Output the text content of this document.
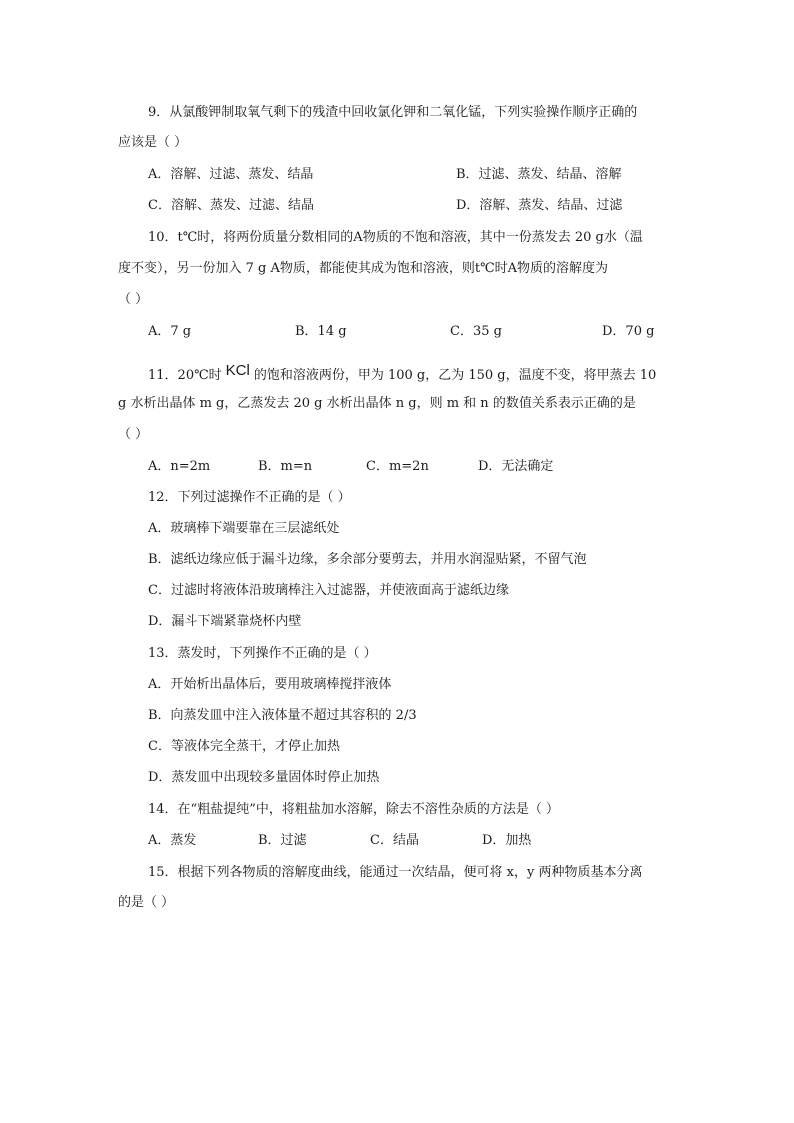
9．从氯酸钾制取氧气剩下的残渣中回收氯化钾和二氧化锰，下列实验操作顺序正确的
应该是（ ）
A．溶解、过滤、蒸发、结晶	B．过滤、蒸发、结晶、溶解
C．溶解、蒸发、过滤、结晶	D．溶解、蒸发、结晶、过滤
10．t℃时，将两份质量分数相同的A物质的不饱和溶液，其中一份蒸发去 20 g水（温
度不变），另一份加入 7 g A物质，都能使其成为饱和溶液，则t℃时A物质的溶解度为
（ ）
A．7 g	B．14 g	C．35 g	D．70 g
11．20℃时 KCl 的饱和溶液两份，甲为 100 g，乙为 150 g，温度不变，将甲蒸去 10
g 水析出晶体 m g，乙蒸发去 20 g 水析出晶体 n g，则 m 和 n 的数值关系表示正确的是
（ ）
A．n=2m	B．m=n	C．m=2n	D．无法确定
12．下列过滤操作不正确的是（ ）
A．玻璃棒下端要靠在三层滤纸处
B．滤纸边缘应低于漏斗边缘，多余部分要剪去，并用水润湿贴紧，不留气泡
C．过滤时将液体沿玻璃棒注入过滤器，并使液面高于滤纸边缘
D．漏斗下端紧靠烧杯内壁
13．蒸发时，下列操作不正确的是（ ）
A．开始析出晶体后，要用玻璃棒搅拌液体
B．向蒸发皿中注入液体量不超过其容积的 2/3
C．等液体完全蒸干，才停止加热
D．蒸发皿中出现较多量固体时停止加热
14．在“粗盐提纯”中，将粗盐加水溶解，除去不溶性杂质的方法是（ ）
A．蒸发	B．过滤	C．结晶	D．加热
15．根据下列各物质的溶解度曲线，能通过一次结晶，便可将 x，y 两种物质基本分离
的是（ ）
